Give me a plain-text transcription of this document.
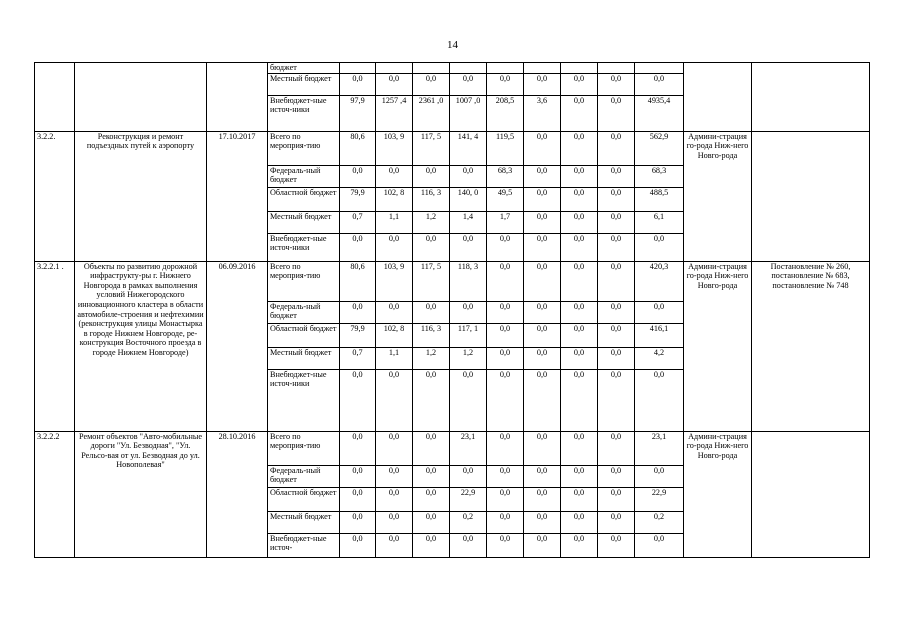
14
			бюджет											
			Местный бюджет	0,0	0,0	0,0	0,0	0,0	0,0	0,0	0,0	0,0		
			Внебюджет-ные источ-ники	97,9	1257 ,4	2361 ,0	1007 ,0	208,5	3,6	0,0	0,0	4935,4		
3.2.2.	Реконструкция и ремонт подъездных путей к аэропорту	17.10.2017	Всего по мероприя-тию	80,6	103, 9	117, 5	141, 4	119,5	0,0	0,0	0,0	562,9	Админи-страция го-рода Ниж-него Новго-рода	
			Федераль-ный бюджет	0,0	0,0	0,0	0,0	68,3	0,0	0,0	0,0	68,3		
			Областной бюджет	79,9	102, 8	116, 3	140, 0	49,5	0,0	0,0	0,0	488,5		
			Местный бюджет	0,7	1,1	1,2	1,4	1,7	0,0	0,0	0,0	6,1		
			Внебюджет-ные источ-ники	0,0	0,0	0,0	0,0	0,0	0,0	0,0	0,0	0,0		
3.2.2.1 .	Объекты по развитию дорожной инфраструкту-ры г. Нижнего Новгорода в рамках выполнения условий Нижегородского инновационного кластера в области автомобиле-строения и нефтехимии (реконструкция улицы Монастырка в городе Нижнем Новгороде, ре-конструкция Восточного проезда в городе Нижнем Новгороде)	06.09.2016	Всего по мероприя-тию	80,6	103, 9	117, 5	118, 3	0,0	0,0	0,0	0,0	420,3	Админи-страция го-рода Ниж-него Новго-рода	Постановление № 260, постановление № 683, постановление № 748
			Федераль-ный бюджет	0,0	0,0	0,0	0,0	0,0	0,0	0,0	0,0	0,0		
			Областной бюджет	79,9	102, 8	116, 3	117, 1	0,0	0,0	0,0	0,0	416,1		
			Местный бюджет	0,7	1,1	1,2	1,2	0,0	0,0	0,0	0,0	4,2		
			Внебюджет-ные источ-ники	0,0	0,0	0,0	0,0	0,0	0,0	0,0	0,0	0,0		
3.2.2.2	Ремонт объектов "Авто-мобильные дороги "Ул. Безводная", "Ул. Рельсо-вая от ул. Безводная до ул. Новополевая"	28.10.2016	Всего по мероприя-тию	0,0	0,0	0,0	23,1	0,0	0,0	0,0	0,0	23,1	Админи-страция го-рода Ниж-него Новго-рода	
			Федераль-ный бюджет	0,0	0,0	0,0	0,0	0,0	0,0	0,0	0,0	0,0		
			Областной бюджет	0,0	0,0	0,0	22,9	0,0	0,0	0,0	0,0	22,9		
			Местный бюджет	0,0	0,0	0,0	0,2	0,0	0,0	0,0	0,0	0,2		
			Внебюджет-ные источ-	0,0	0,0	0,0	0,0	0,0	0,0	0,0	0,0	0,0		
